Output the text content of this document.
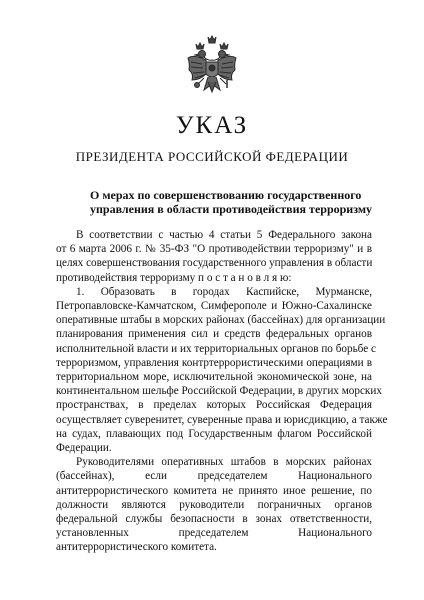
УКАЗ
ПРЕЗИДЕНТА РОССИЙСКОЙ ФЕДЕРАЦИИ
О мерах по совершенствованию государственного
управления в области противодействия терроризму

В соответствии с частью 4 статьи 5 Федерального закона
от 6 марта 2006 г. № 35-ФЗ "О противодействии терроризму" и в
целях совершенствования государственного управления в области
противодействия терроризму п о с т а н о в л я ю:

1. Образовать в городах Каспийске, Мурманске,
Петропавловске-Камчатском, Симферополе и Южно-Сахалинске
оперативные штабы в морских районах (бассейнах) для организации
планирования применения сил и средств федеральных органов
исполнительной власти и их территориальных органов по борьбе с
терроризмом, управления контртеррористическими операциями в
территориальном море, исключительной экономической зоне, на
континентальном шельфе Российской Федерации, в других морских
пространствах, в пределах которых Российская Федерация
осуществляет суверенитет, суверенные права и юрисдикцию, а также
на судах, плавающих под Государственным флагом Российской
Федерации.

Руководителями оперативных штабов в морских районах
(бассейнах), если председателем Национального
антитеррористического комитета не принято иное решение, по
должности являются руководители пограничных органов
федеральной службы безопасности в зонах ответственности,
установленных председателем Национального
антитеррористического комитета.
